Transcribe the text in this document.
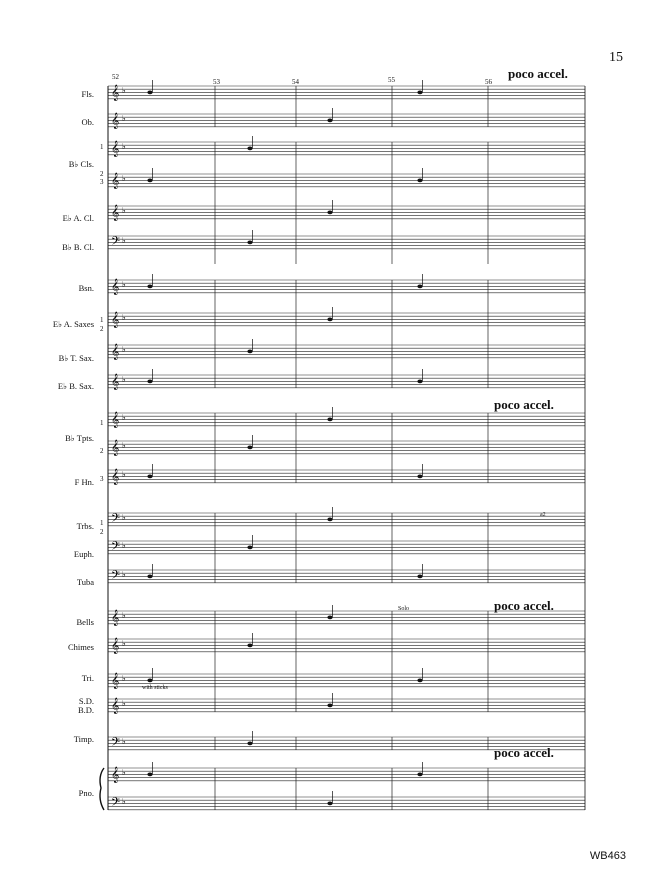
15
WB463
poco accel.
poco accel.
poco accel.
poco accel.
52
53	54	55	56
Fls.
Ob.
B♭ Cls.
E♭ A. Cl.
B♭ B. Cl.
Bsn.
E♭ A. Saxes
B♭ T. Sax.
E♭ B. Sax.
B♭ Tpts.
F Hn.
Trbs.
Euph.
Tuba
Bells
Chimes
Tri.
S.D.
B.D.
Timp.
Pno.
1
2
3
1
2
1
2
3
1
2
Solo
with sticks
a2
𝄞 ♭
𝄞 ♭
𝄞 ♭
𝄞 ♭
𝄞 ♭
𝄢 ♭
𝄞 ♭
𝄞 ♭
𝄞 ♭
𝄞 ♭
𝄞 ♭
𝄞 ♭
𝄞 ♭
𝄢 ♭
𝄢 ♭
𝄢 ♭
𝄞 ♭
𝄞 ♭
𝄞 ♭
𝄞 ♭
𝄢 ♭
𝄞 ♭
𝄢 ♭
